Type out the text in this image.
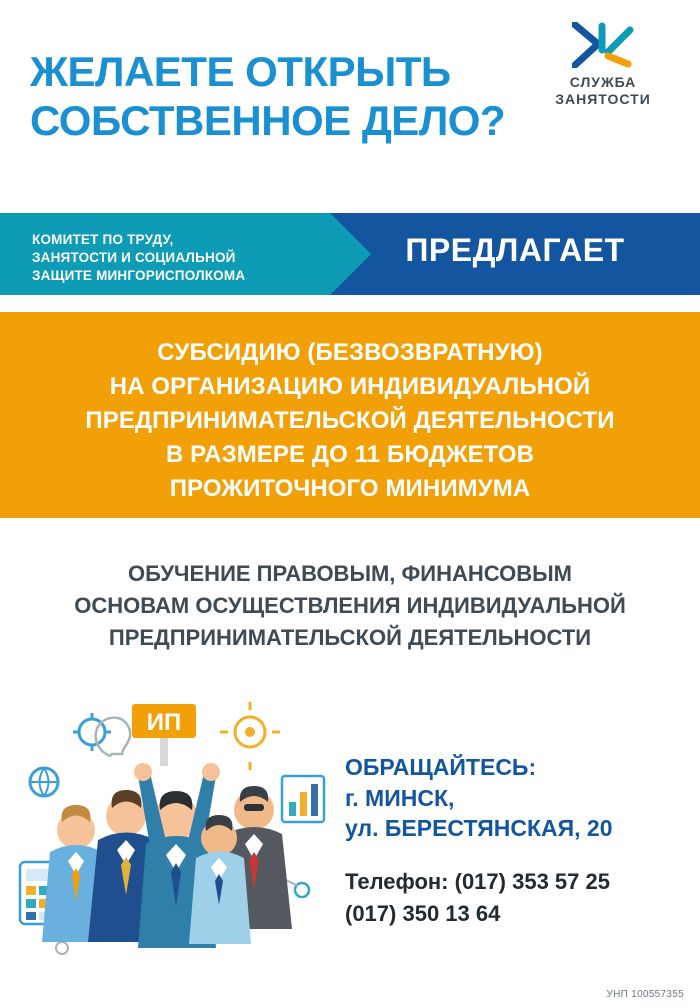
СЛУЖБА
ЗАНЯТОСТИ
ЖЕЛАЕТЕ ОТКРЫТЬ
СОБСТВЕННОЕ ДЕЛО?
КОМИТЕТ ПО ТРУДУ,
ЗАНЯТОСТИ И СОЦИАЛЬНОЙ
ЗАЩИТЕ МИНГОРИСПОЛКОМА
ПРЕДЛАГАЕТ
СУБСИДИЮ (БЕЗВОЗВРАТНУЮ)
НА ОРГАНИЗАЦИЮ ИНДИВИДУАЛЬНОЙ
ПРЕДПРИНИМАТЕЛЬСКОЙ ДЕЯТЕЛЬНОСТИ
В РАЗМЕРЕ ДО 11 БЮДЖЕТОВ
ПРОЖИТОЧНОГО МИНИМУМА
ОБУЧЕНИЕ ПРАВОВЫМ, ФИНАНСОВЫМ
ОСНОВАМ ОСУЩЕСТВЛЕНИЯ ИНДИВИДУАЛЬНОЙ
ПРЕДПРИНИМАТЕЛЬСКОЙ ДЕЯТЕЛЬНОСТИ
ИП
ОБРАЩАЙТЕСЬ:
г. МИНСК,
ул. БЕРЕСТЯНСКАЯ, 20
Телефон: (017) 353 57 25
(017) 350 13 64
УНП 100557355
